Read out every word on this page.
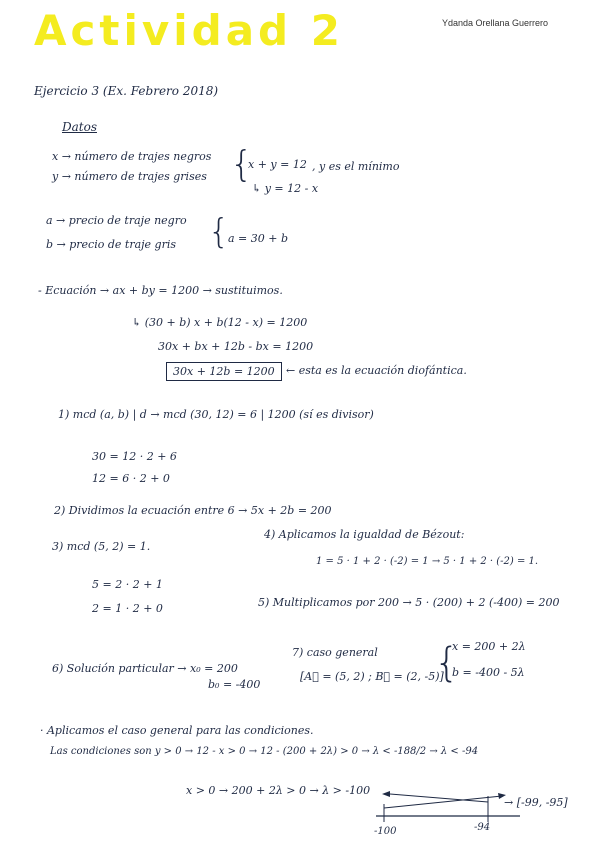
Actividad 2	Ydanda Orellana Guerrero
Ejercicio 3 (Ex. Febrero 2018)
Datos
x → número de trajes negros
y → número de trajes grises {
x + y = 12 , y es el mínimo
↳ y = 12 - x
a → precio de traje negro
b → precio de traje gris {
a = 30 + b
- Ecuación → ax + by = 1200 → sustituimos.
↳ (30 + b) x + b(12 - x) = 1200
30x + bx + 12b - bx = 1200
30x + 12b = 1200	← esta es la ecuación diofántica.
1) mcd (a, b) | d → mcd (30, 12) = 6 | 1200 (sí es divisor)
30 = 12 · 2 + 6
12 = 6 · 2 + 0
2) Dividimos la ecuación entre 6 → 5x + 2b = 200
3) mcd (5, 2) = 1.
5 = 2 · 2 + 1
2 = 1 · 2 + 0
4) Aplicamos la igualdad de Bézout:
1 = 5 · 1 + 2 · (-2) = 1 → 5 · 1 + 2 · (-2) = 1.
5) Multiplicamos por 200 → 5 · (200) + 2 (-400) = 200
6) Solución particular → x₀ = 200
b₀ = -400
7) caso general
[A⃗ = (5, 2) ; B⃗ = (2, -5)]
{
x = 200 + 2λ
b = -400 - 5λ
· Aplicamos el caso general para las condiciones.
Las condiciones son y > 0 → 12 - x > 0 → 12 - (200 + 2λ) > 0 → λ < -188/2 → λ < -94
x > 0 → 200 + 2λ > 0 → λ > -100
→ [-99, -95]
-100	-94
